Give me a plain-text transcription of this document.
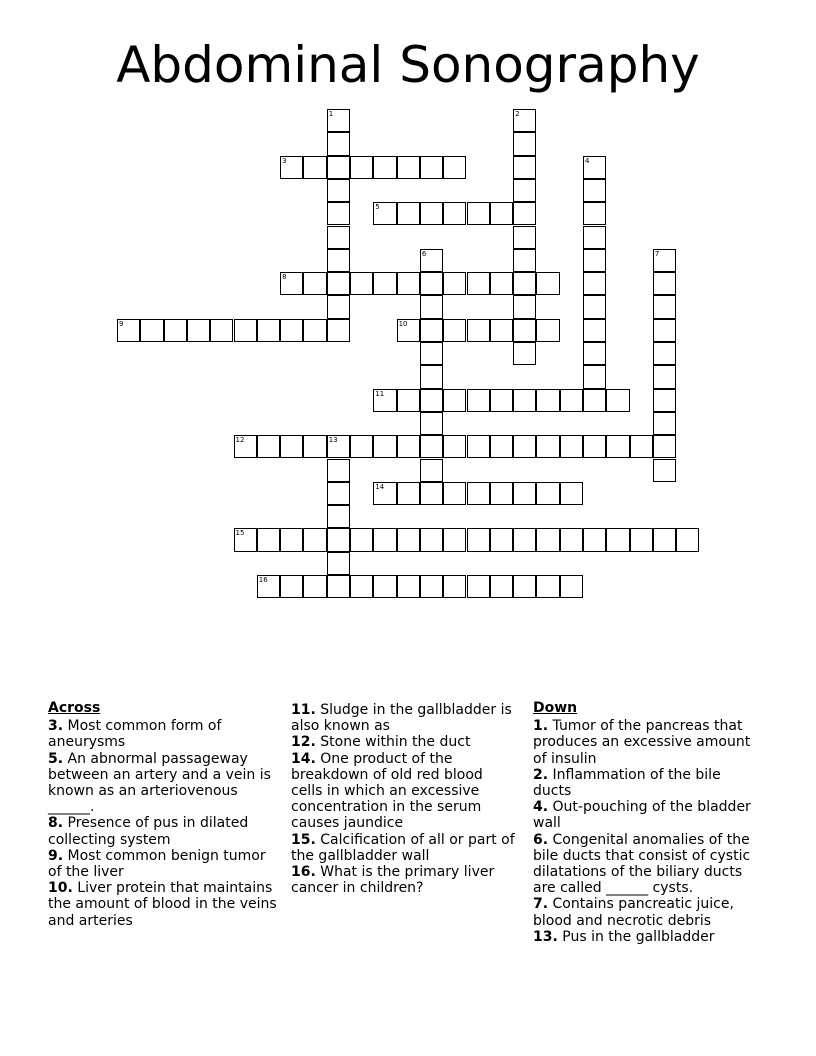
Abdominal Sonography
1	2
3	4
5
6	7
8
9	10
11
12	13
14
15
16
Across

3. Most common form of aneurysms

5. An abnormal passageway between an artery and a vein is known as an arteriovenous ______.

8. Presence of pus in dilated collecting system

9. Most common benign tumor of the liver

10. Liver protein that maintains the amount of blood in the veins and arteries

11. Sludge in the gallbladder is also known as

12. Stone within the duct

14. One product of the breakdown of old red blood cells in which an excessive concentration in the serum causes jaundice

15. Calcification of all or part of the gallbladder wall

16. What is the primary liver cancer in children?

Down

1. Tumor of the pancreas that produces an excessive amount of insulin

2. Inflammation of the bile ducts

4. Out-pouching of the bladder wall

6. Congenital anomalies of the bile ducts that consist of cystic dilatations of the biliary ducts are called ______ cysts.

7. Contains pancreatic juice, blood and necrotic debris

13. Pus in the gallbladder
